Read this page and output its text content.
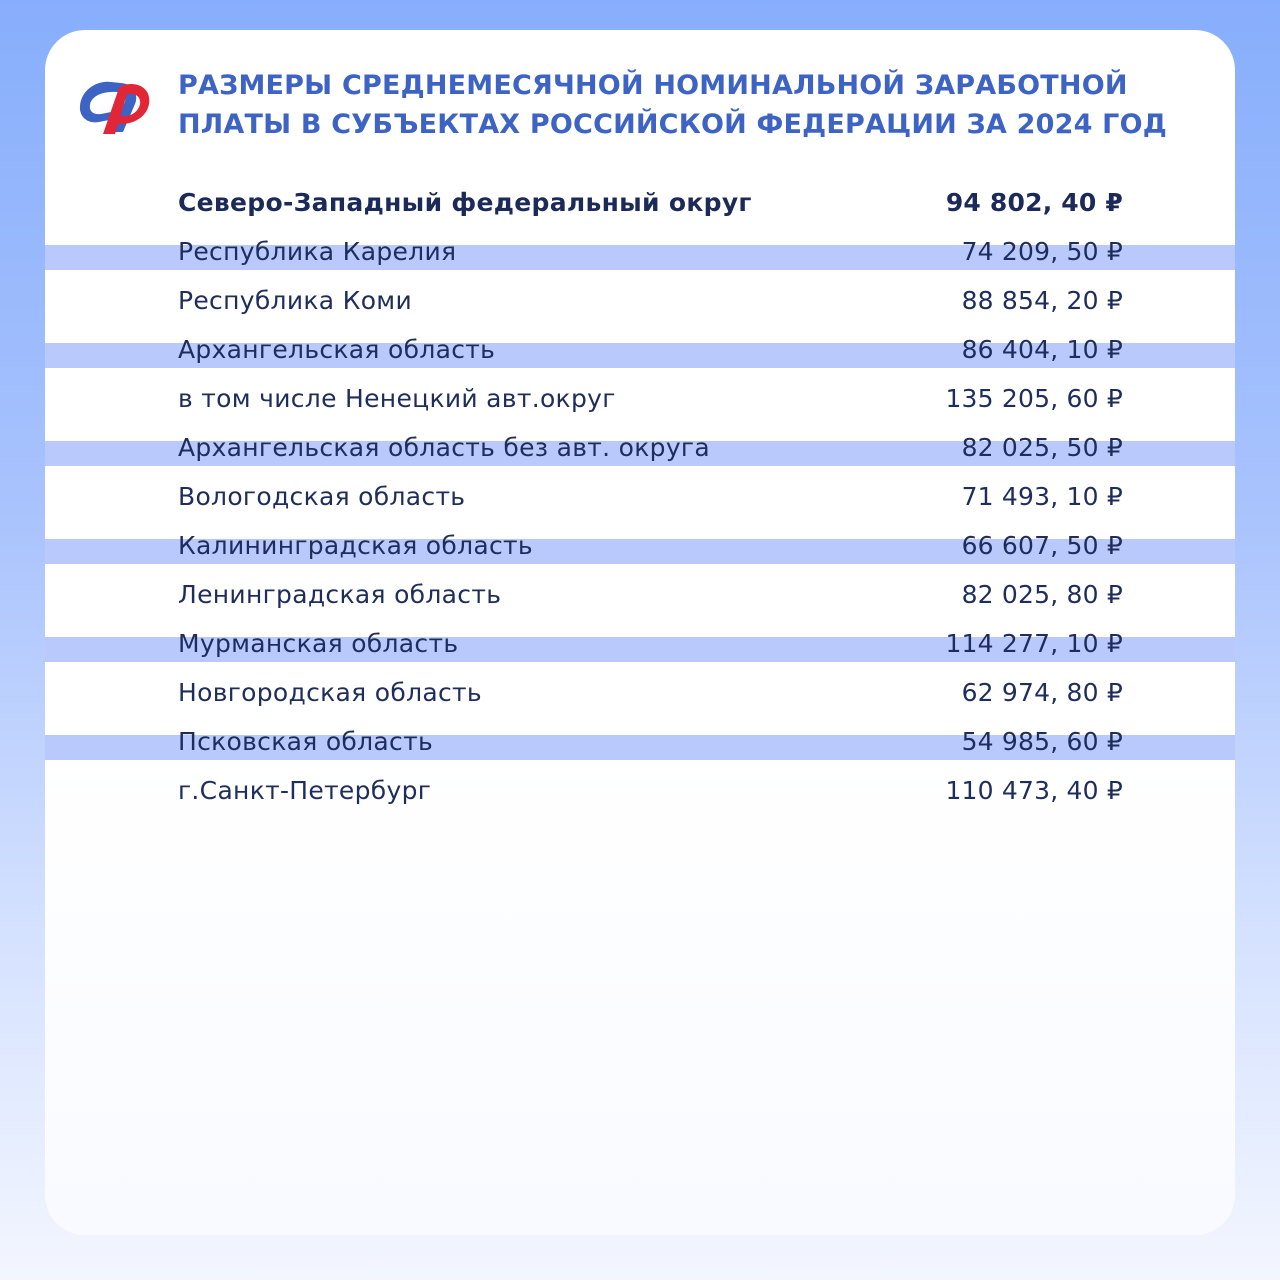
РАЗМЕРЫ СРЕДНЕМЕСЯЧНОЙ НОМИНАЛЬНОЙ ЗАРАБОТНОЙ
ПЛАТЫ В СУБЪЕКТАХ РОССИЙСКОЙ ФЕДЕРАЦИИ ЗА 2024 ГОД
Северо-Западный федеральный округ	94 802, 40 ₽
Республика Карелия	74 209, 50 ₽
Республика Коми	88 854, 20 ₽
Архангельская область	86 404, 10 ₽
в том числе Ненецкий авт.округ	135 205, 60 ₽
Архангельская область без авт. округа	82 025, 50 ₽
Вологодская область	71 493, 10 ₽
Калининградская область	66 607, 50 ₽
Ленинградская область	82 025, 80 ₽
Мурманская область	114 277, 10 ₽
Новгородская область	62 974, 80 ₽
Псковская область	54 985, 60 ₽
г.Санкт-Петербург	110 473, 40 ₽
